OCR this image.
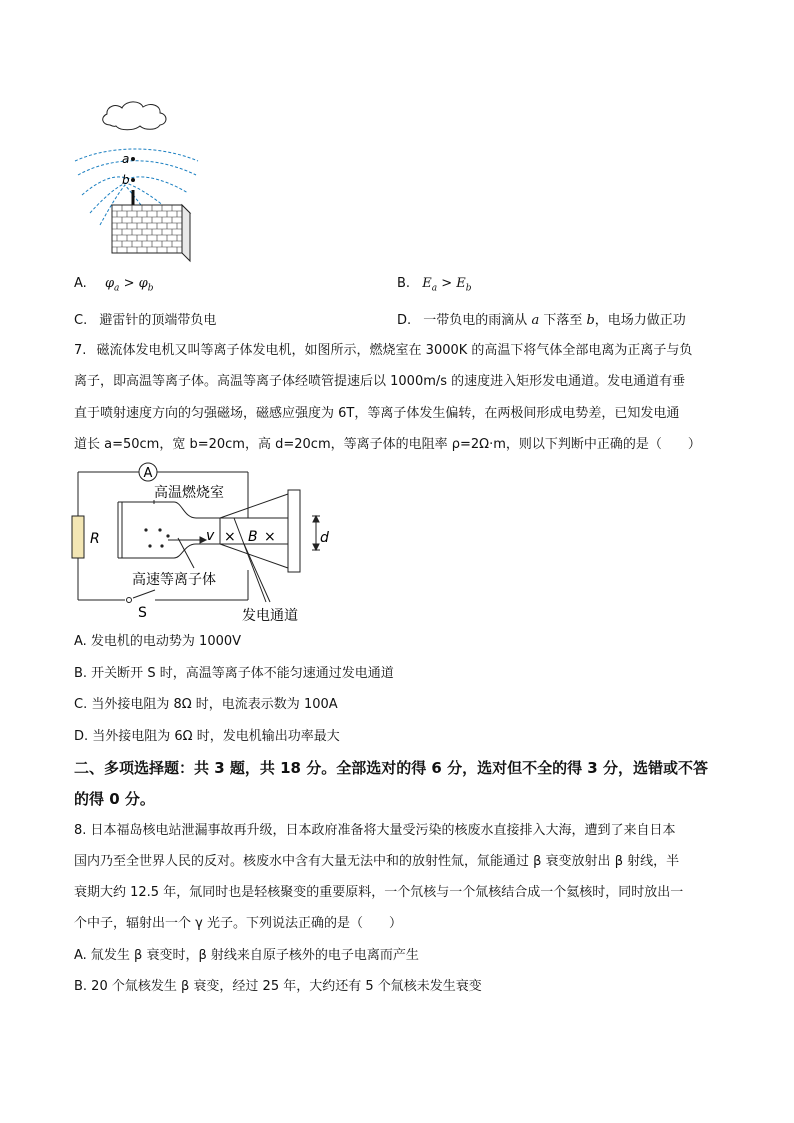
a
b
A. $\varphi_a > \varphi_b$	B. $E_a > E_b$
C. 避雷针的顶端带负电	D. 一带负电的雨滴从 a 下落至 b，电场力做正功
7. 磁流体发电机又叫等离子体发电机，如图所示，燃烧室在 3000K 的高温下将气体全部电离为正离子与负
离子，即高温等离子体。高温等离子体经喷管提速后以 1000m/s 的速度进入矩形发电通道。发电通道有垂
直于喷射速度方向的匀强磁场，磁感应强度为 6T，等离子体发生偏转，在两极间形成电势差，已知发电通
道长 a=50cm，宽 b=20cm，高 d=20cm，等离子体的电阻率 ρ=2Ω·m，则以下判断中正确的是（　　）
A
R
S
d
v × B ×
高温燃烧室
高速等离子体
发电通道
A. 发电机的电动势为 1000V
B. 开关断开 S 时，高温等离子体不能匀速通过发电通道
C. 当外接电阻为 8Ω 时，电流表示数为 100A
D. 当外接电阻为 6Ω 时，发电机输出功率最大
二、多项选择题：共 3 题，共 18 分。全部选对的得 6 分，选对但不全的得 3 分，选错或不答
的得 0 分。
8. 日本福岛核电站泄漏事故再升级，日本政府准备将大量受污染的核废水直接排入大海，遭到了来自日本
国内乃至全世界人民的反对。核废水中含有大量无法中和的放射性氚，氚能通过 β 衰变放射出 β 射线，半
衰期大约 12.5 年，氚同时也是轻核聚变的重要原料，一个氘核与一个氚核结合成一个氦核时，同时放出一
个中子，辐射出一个 γ 光子。下列说法正确的是（　　）
A. 氚发生 β 衰变时，β 射线来自原子核外的电子电离而产生
B. 20 个氚核发生 β 衰变，经过 25 年，大约还有 5 个氚核未发生衰变
